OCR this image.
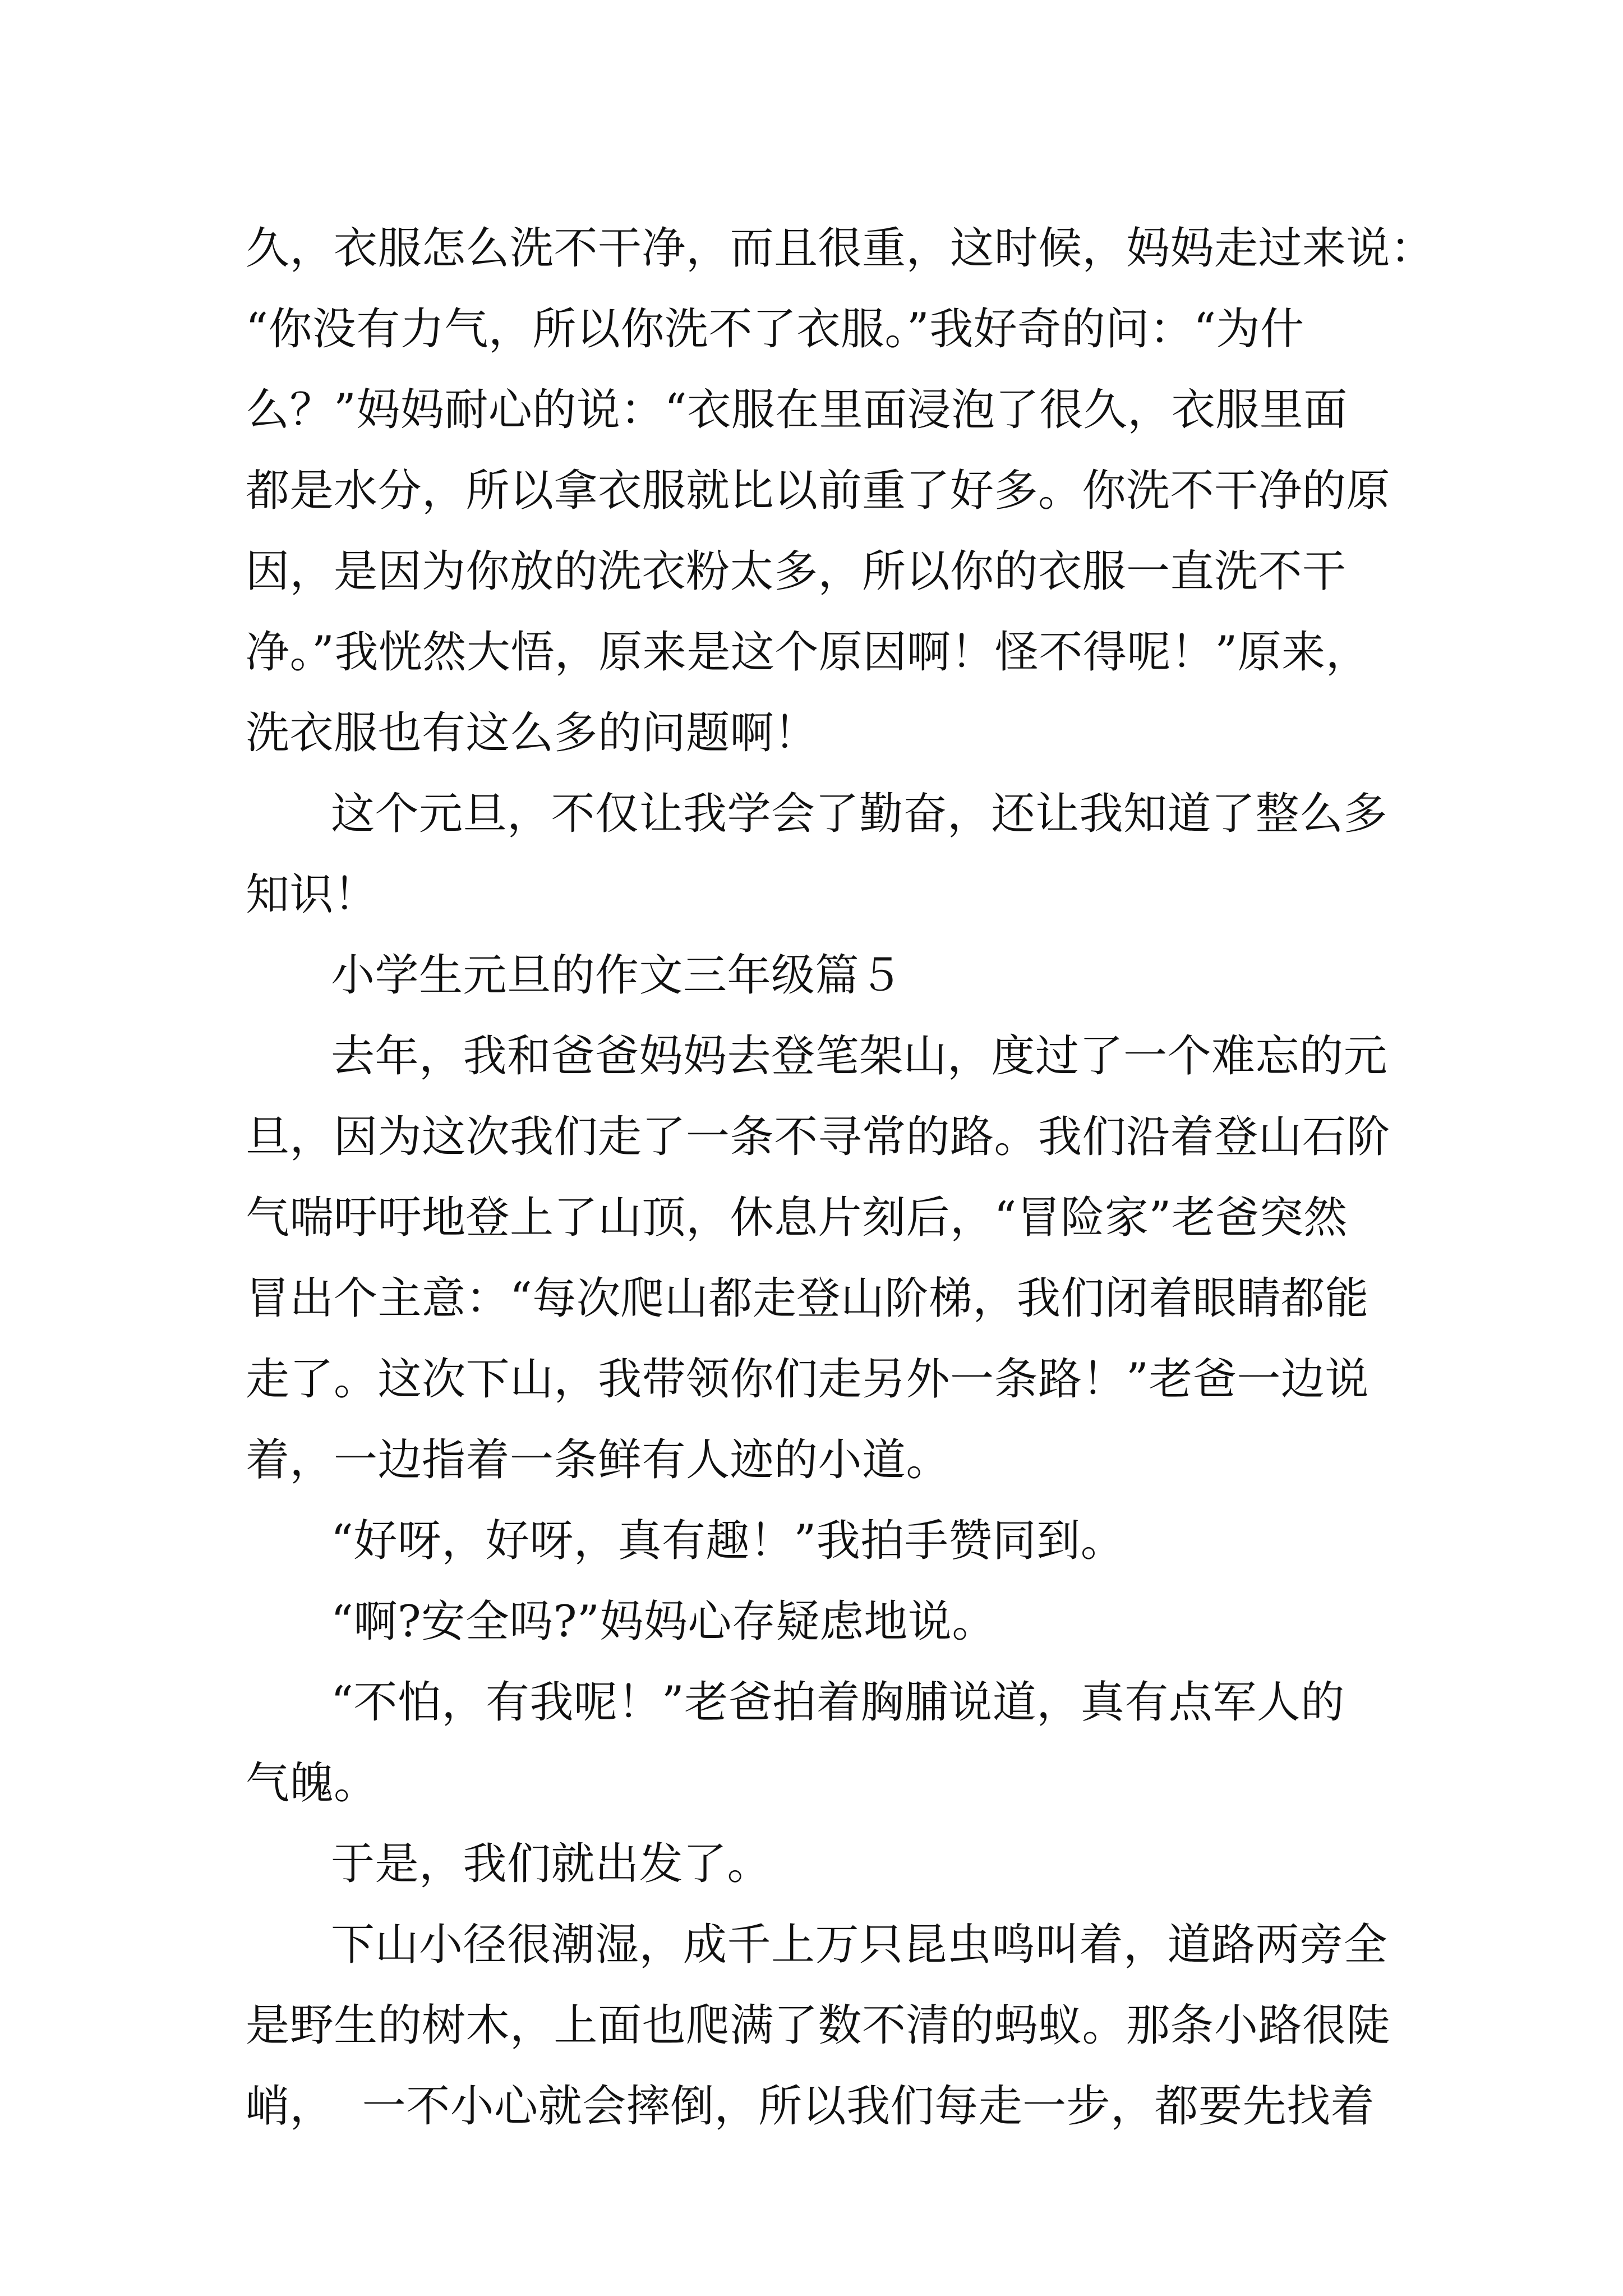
久，衣服怎么洗不干净，而且很重，这时候，妈妈走过来说：
“你没有力气，所以你洗不了衣服。”我好奇的问：“为什
么？”妈妈耐心的说：“衣服在里面浸泡了很久，衣服里面
都是水分，所以拿衣服就比以前重了好多。你洗不干净的原
因，是因为你放的洗衣粉太多，所以你的衣服一直洗不干
净。”我恍然大悟，原来是这个原因啊！怪不得呢！”原来，
洗衣服也有这么多的问题啊！
这个元旦，不仅让我学会了勤奋，还让我知道了整么多
知识！
小学生元旦的作文三年级篇５
去年，我和爸爸妈妈去登笔架山，度过了一个难忘的元
旦，因为这次我们走了一条不寻常的路。我们沿着登山石阶
气喘吁吁地登上了山顶，休息片刻后，“冒险家”老爸突然
冒出个主意：“每次爬山都走登山阶梯，我们闭着眼睛都能
走了。这次下山，我带领你们走另外一条路！”老爸一边说
着，一边指着一条鲜有人迹的小道。
“好呀，好呀，真有趣！”我拍手赞同到。
“啊?安全吗?”妈妈心存疑虑地说。
“不怕，有我呢！”老爸拍着胸脯说道，真有点军人的
气魄。
于是，我们就出发了。
下山小径很潮湿，成千上万只昆虫鸣叫着，道路两旁全
是野生的树木，上面也爬满了数不清的蚂蚁。那条小路很陡
峭，  一不小心就会摔倒，所以我们每走一步，都要先找着
